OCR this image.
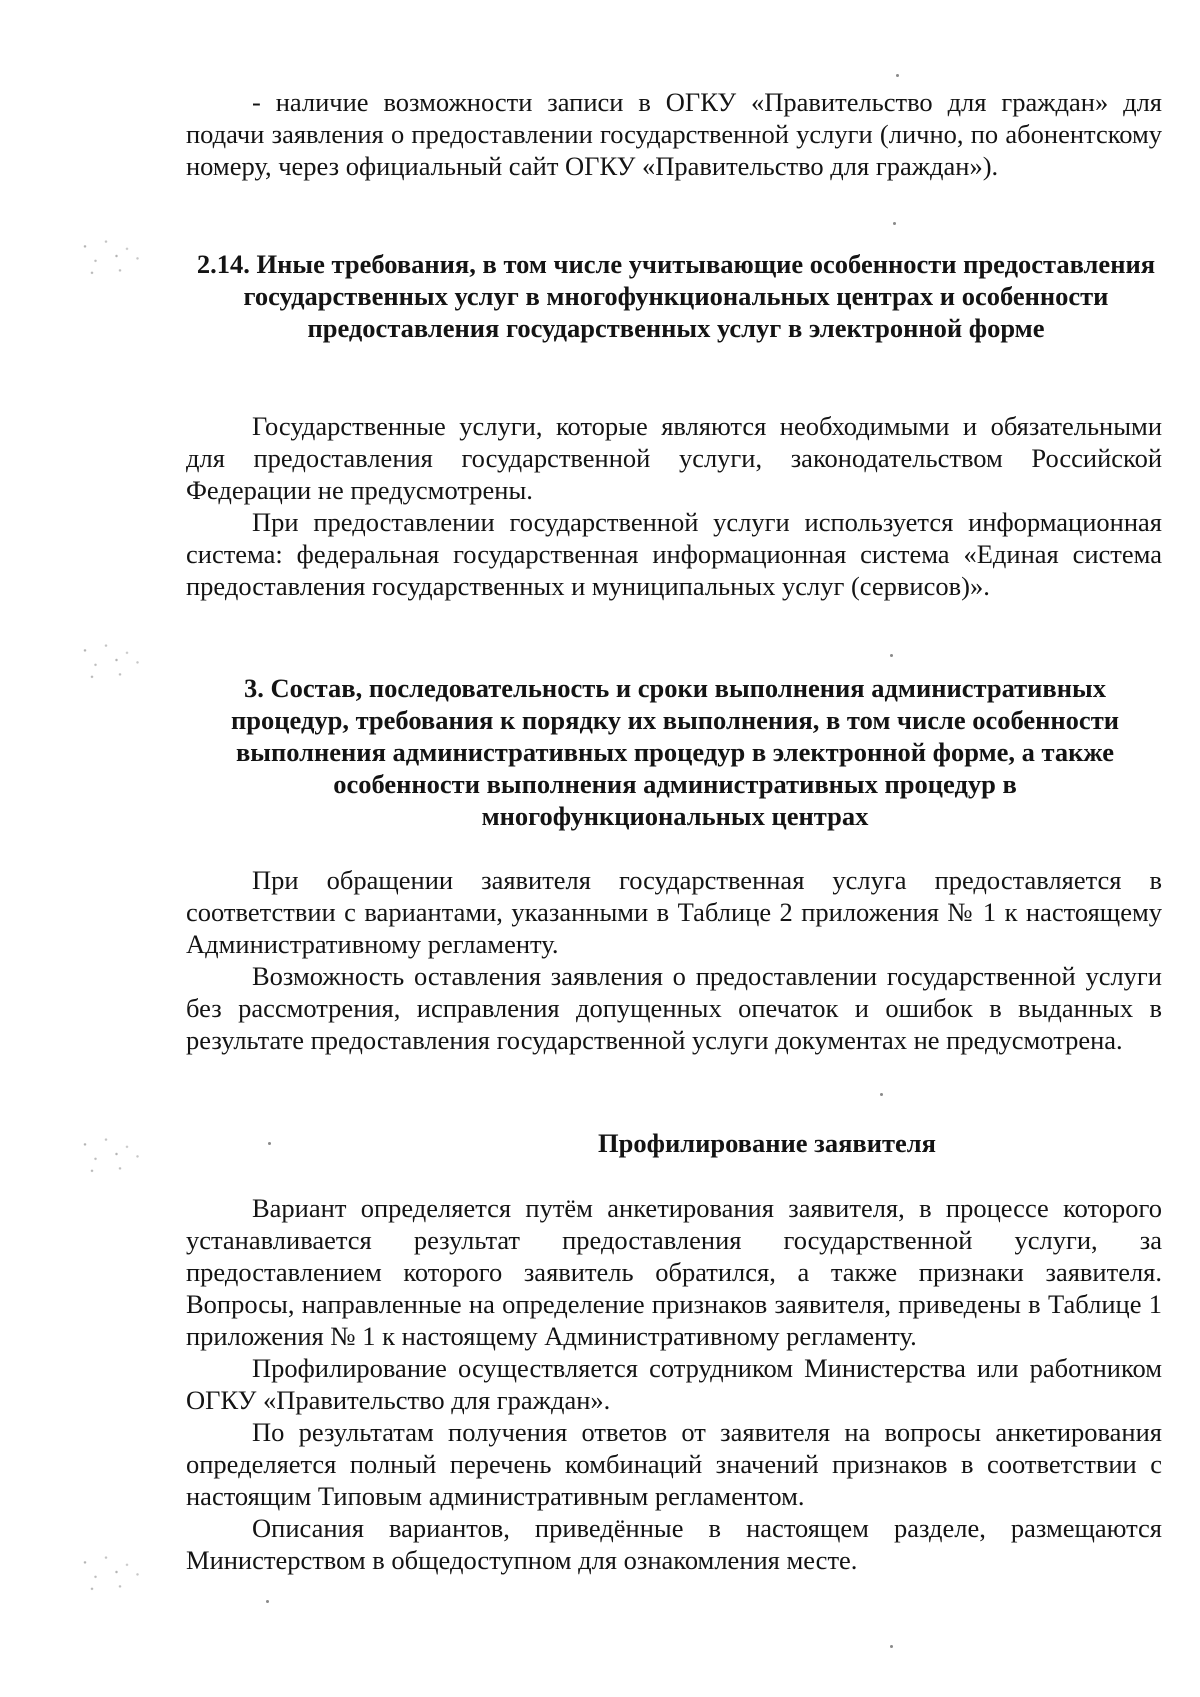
- наличие возможности записи в ОГКУ «Правительство для граждан» для подачи заявления о предоставлении государственной услуги (лично, по абонентскому номеру, через официальный сайт ОГКУ «Правительство для граждан»).

2.14. Иные требования, в том числе учитывающие особенности предоставления государственных услуг в многофункциональных центрах и особенности предоставления государственных услуг в электронной форме

Государственные услуги, которые являются необходимыми и обязательными для предоставления государственной услуги, законодательством Российской Федерации не предусмотрены.

При предоставлении государственной услуги используется информационная система: федеральная государственная информационная система «Единая система предоставления государственных и муниципальных услуг (сервисов)».

3. Состав, последовательность и сроки выполнения административных процедур, требования к порядку их выполнения, в том числе особенности выполнения административных процедур в электронной форме, а также особенности выполнения административных процедур в многофункциональных центрах

При обращении заявителя государственная услуга предоставляется в соответствии с вариантами, указанными в Таблице 2 приложения № 1 к настоящему Административному регламенту.

Возможность оставления заявления о предоставлении государственной услуги без рассмотрения, исправления допущенных опечаток и ошибок в выданных в результате предоставления государственной услуги документах не предусмотрена.

Профилирование заявителя

Вариант определяется путём анкетирования заявителя, в процессе которого устанавливается результат предоставления государственной услуги, за предоставлением которого заявитель обратился, а также признаки заявителя. Вопросы, направленные на определение признаков заявителя, приведены в Таблице 1 приложения № 1 к настоящему Административному регламенту.

Профилирование осуществляется сотрудником Министерства или работником ОГКУ «Правительство для граждан».

По результатам получения ответов от заявителя на вопросы анкетирования определяется полный перечень комбинаций значений признаков в соответствии с настоящим Типовым административным регламентом.

Описания вариантов, приведённые в настоящем разделе, размещаются Министерством в общедоступном для ознакомления месте.
